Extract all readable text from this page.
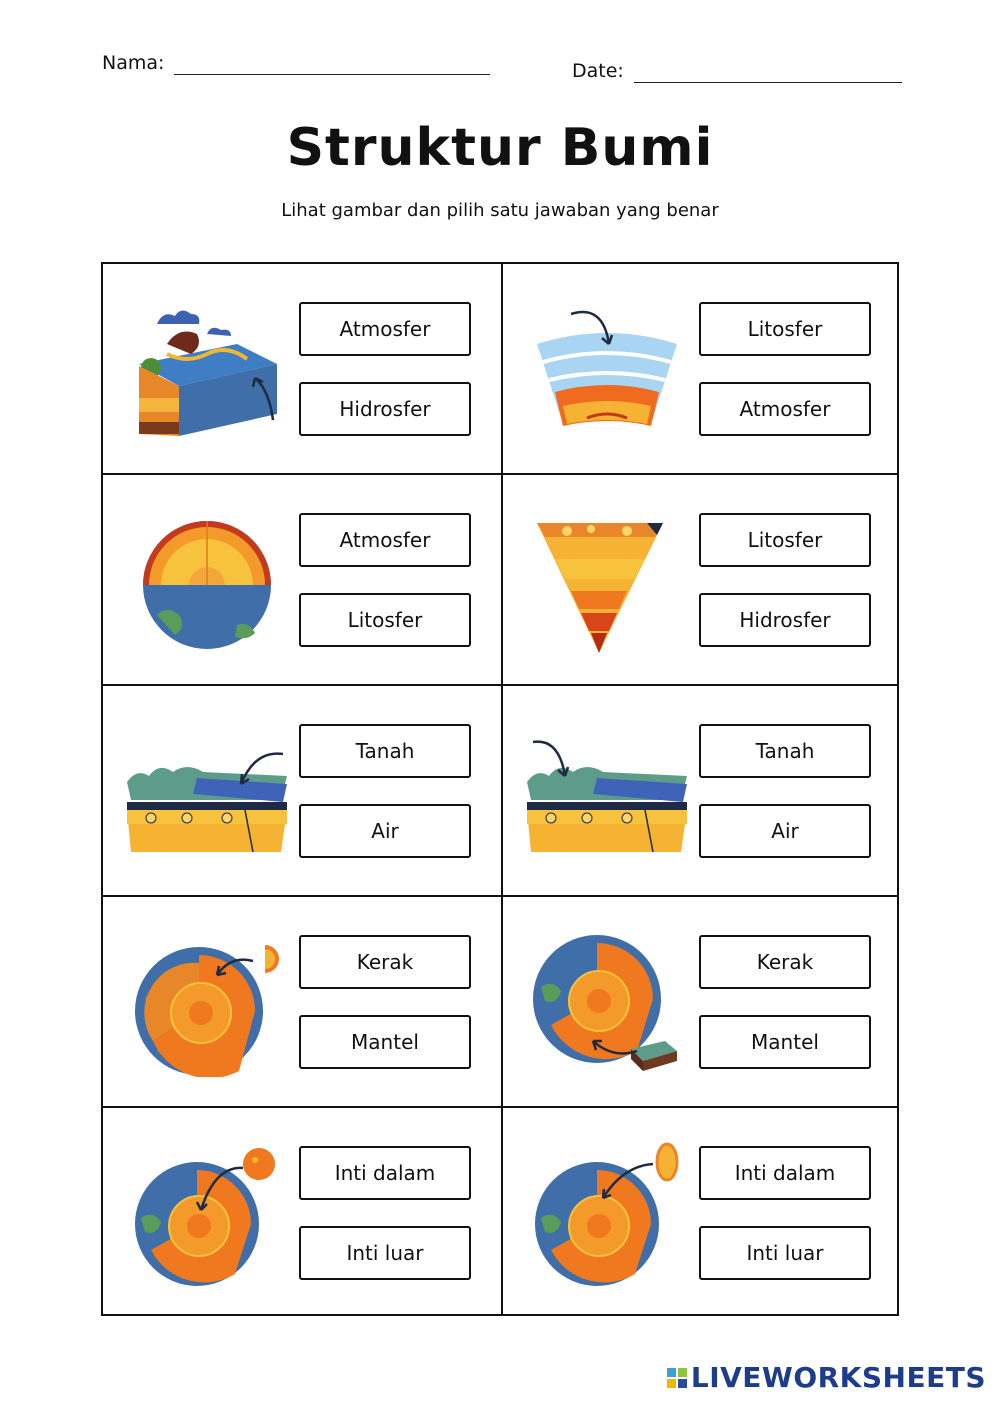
Nama:	Date:
Struktur Bumi
Lihat gambar dan pilih satu jawaban yang benar
Atmosfer
Hidrosfer
Litosfer
Atmosfer
Atmosfer
Litosfer
Litosfer
Hidrosfer
Tanah
Air
Tanah
Air
Kerak
Mantel
Kerak
Mantel
Inti dalam
Inti luar
Inti dalam
Inti luar
LIVEWORKSHEETS
